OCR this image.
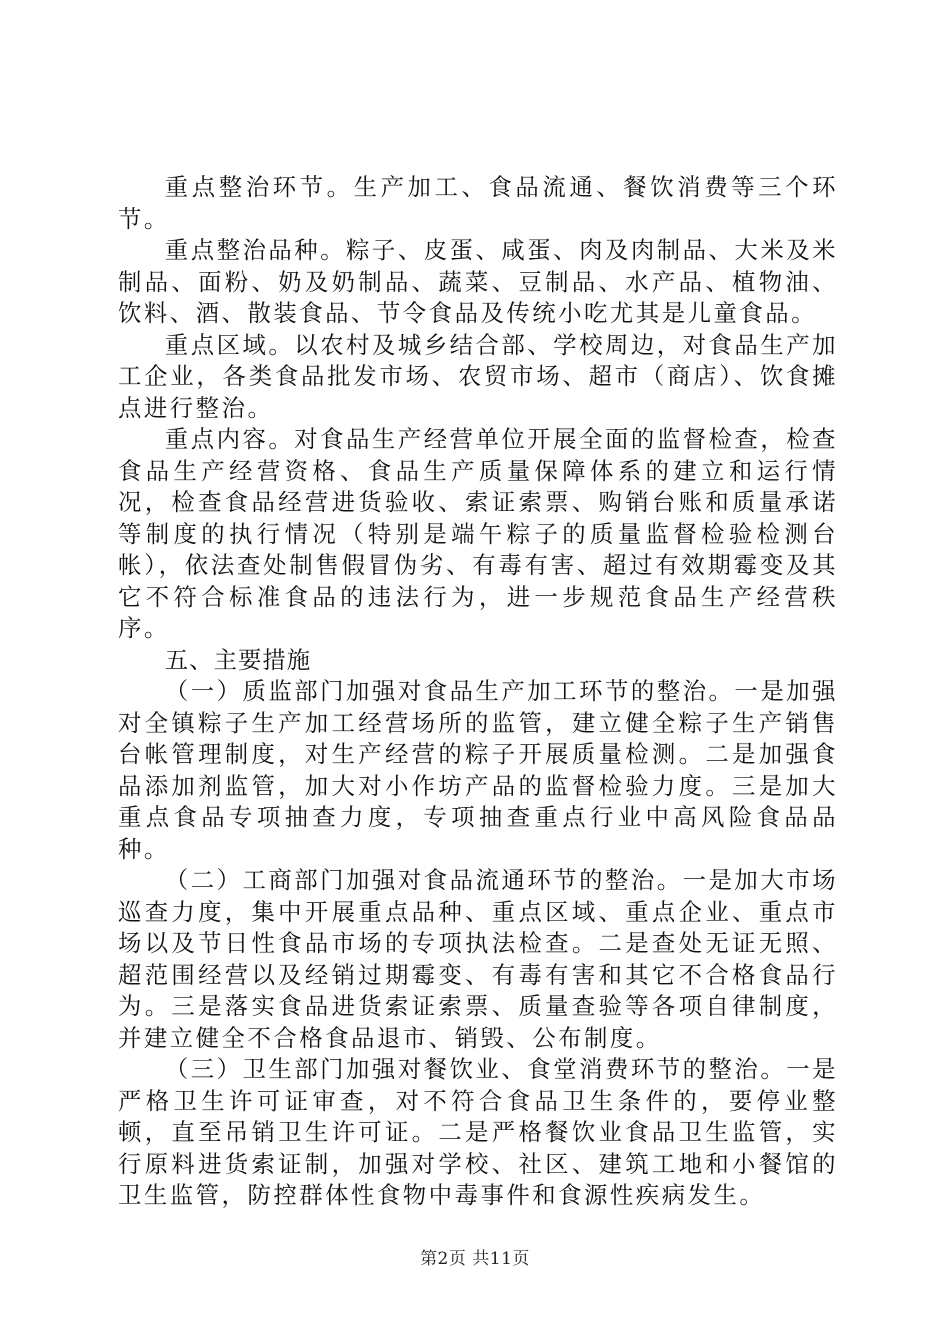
重点整治环节。生产加工、食品流通、餐饮消费等三个环节。

重点整治品种。粽子、皮蛋、咸蛋、肉及肉制品、大米及米制品、面粉、奶及奶制品、蔬菜、豆制品、水产品、植物油、饮料、酒、散装食品、节令食品及传统小吃尤其是儿童食品。

重点区域。以农村及城乡结合部、学校周边，对食品生产加工企业，各类食品批发市场、农贸市场、超市（商店）、饮食摊点进行整治。

重点内容。对食品生产经营单位开展全面的监督检查，检查食品生产经营资格、食品生产质量保障体系的建立和运行情况，检查食品经营进货验收、索证索票、购销台账和质量承诺等制度的执行情况（特别是端午粽子的质量监督检验检测台帐），依法查处制售假冒伪劣、有毒有害、超过有效期霉变及其它不符合标准食品的违法行为，进一步规范食品生产经营秩序。

五、主要措施

（一）质监部门加强对食品生产加工环节的整治。一是加强对全镇粽子生产加工经营场所的监管，建立健全粽子生产销售台帐管理制度，对生产经营的粽子开展质量检测。二是加强食品添加剂监管，加大对小作坊产品的监督检验力度。三是加大重点食品专项抽查力度，专项抽查重点行业中高风险食品品种。

（二）工商部门加强对食品流通环节的整治。一是加大市场巡查力度，集中开展重点品种、重点区域、重点企业、重点市场以及节日性食品市场的专项执法检查。二是查处无证无照、超范围经营以及经销过期霉变、有毒有害和其它不合格食品行为。三是落实食品进货索证索票、质量查验等各项自律制度，并建立健全不合格食品退市、销毁、公布制度。

（三）卫生部门加强对餐饮业、食堂消费环节的整治。一是严格卫生许可证审查，对不符合食品卫生条件的，要停业整顿，直至吊销卫生许可证。二是严格餐饮业食品卫生监管，实行原料进货索证制，加强对学校、社区、建筑工地和小餐馆的卫生监管，防控群体性食物中毒事件和食源性疾病发生。

第2页 共11页
